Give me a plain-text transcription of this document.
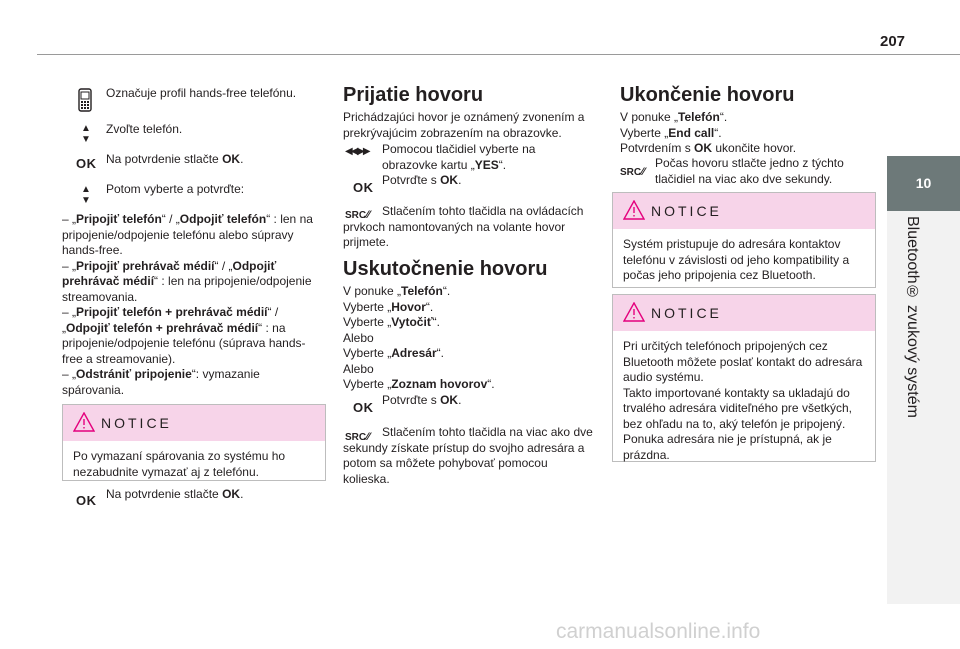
207
10
Bluetooth® zvukový systém
Označuje profil hands-free telefónu.
▲
▼
Zvoľte telefón.
OK Na potvrdenie stlačte OK.
▲
▼
Potom vyberte a potvrďte:

– „Pripojiť telefón“ / „Odpojiť telefón“ : len na pripojenie/odpojenie telefónu alebo súpravy hands-free.

– „Pripojiť prehrávač médií“ / „Odpojiť prehrávač médií“ : len na pripojenie/odpojenie streamovania.

– „Pripojiť telefón + prehrávač médií“ / „Odpojiť telefón + prehrávač médií“ : na pripojenie/odpojenie telefónu (súprava hands-free a streamovanie).

– „Odstrániť pripojenie“: vymazanie spárovania.

NOTICE
Po vymazaní spárovania zo systému ho nezabudnite vymazať aj z telefónu.
OK Na potvrdenie stlačte OK.
Prijatie hovoru
Prichádzajúci hovor je oznámený zvonením a prekrývajúcim zobrazením na obrazovke.
◀◀ ▶▶ Pomocou tlačidiel vyberte na obrazovke kartu „YES“.
OK Potvrďte s OK.
SRC⁄⁄	Stlačením tohto tlačidla na ovládacích prvkoch namontovaných na volante hovor prijmete.
Uskutočnenie hovoru

V ponuke „Telefón“.

Vyberte „Hovor“.

Vyberte „Vytočiť“.

Alebo

Vyberte „Adresár“.

Alebo

Vyberte „Zoznam hovorov“.

OK Potvrďte s OK.
SRC⁄⁄	Stlačením tohto tlačidla na viac ako dve sekundy získate prístup do svojho adresára a potom sa môžete pohybovať pomocou kolieska.
Ukončenie hovoru

V ponuke „Telefón“.

Vyberte „End call“.

Potvrdením s OK ukončite hovor.

SRC⁄⁄
Počas hovoru stlačte jedno z týchto tlačidiel na viac ako dve sekundy.
NOTICE
Systém pristupuje do adresára kontaktov telefónu v závislosti od jeho kompatibility a počas jeho pripojenia cez Bluetooth.
NOTICE

Pri určitých telefónoch pripojených cez Bluetooth môžete poslať kontakt do adresára audio systému.

Takto importované kontakty sa ukladajú do trvalého adresára viditeľného pre všetkých, bez ohľadu na to, aký telefón je pripojený.

Ponuka adresára nie je prístupná, ak je prázdna.

carmanualsonline.info
